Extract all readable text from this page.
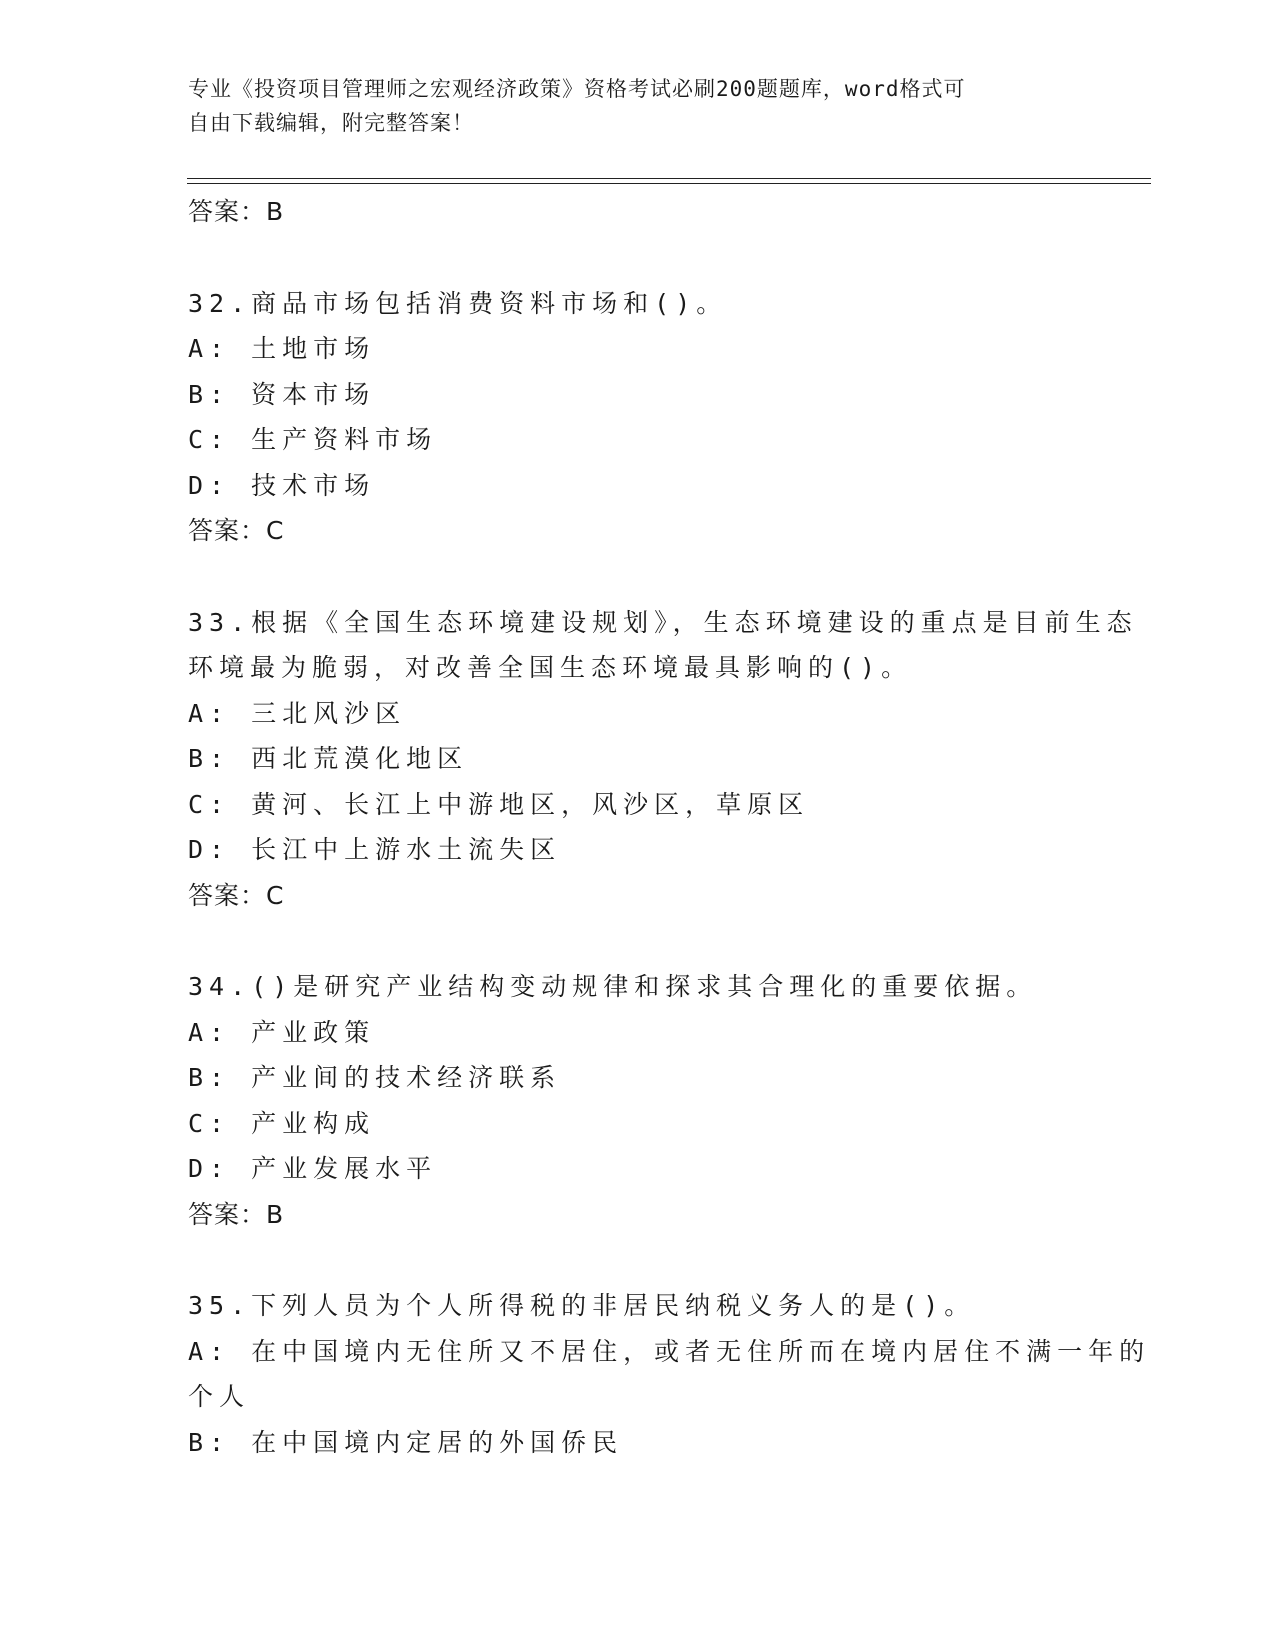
专业《投资项目管理师之宏观经济政策》资格考试必刷200题题库，word格式可
自由下载编辑，附完整答案！
答案：B
32.商品市场包括消费资料市场和()。
A: 土地市场
B: 资本市场
C: 生产资料市场
D: 技术市场
答案：C
33.根据《全国生态环境建设规划》，生态环境建设的重点是目前生态
环境最为脆弱，对改善全国生态环境最具影响的()。
A: 三北风沙区
B: 西北荒漠化地区
C: 黄河、长江上中游地区，风沙区，草原区
D: 长江中上游水土流失区
答案：C
34.()是研究产业结构变动规律和探求其合理化的重要依据。
A: 产业政策
B: 产业间的技术经济联系
C: 产业构成
D: 产业发展水平
答案：B
35.下列人员为个人所得税的非居民纳税义务人的是()。
A: 在中国境内无住所又不居住，或者无住所而在境内居住不满一年的
个人
B: 在中国境内定居的外国侨民
